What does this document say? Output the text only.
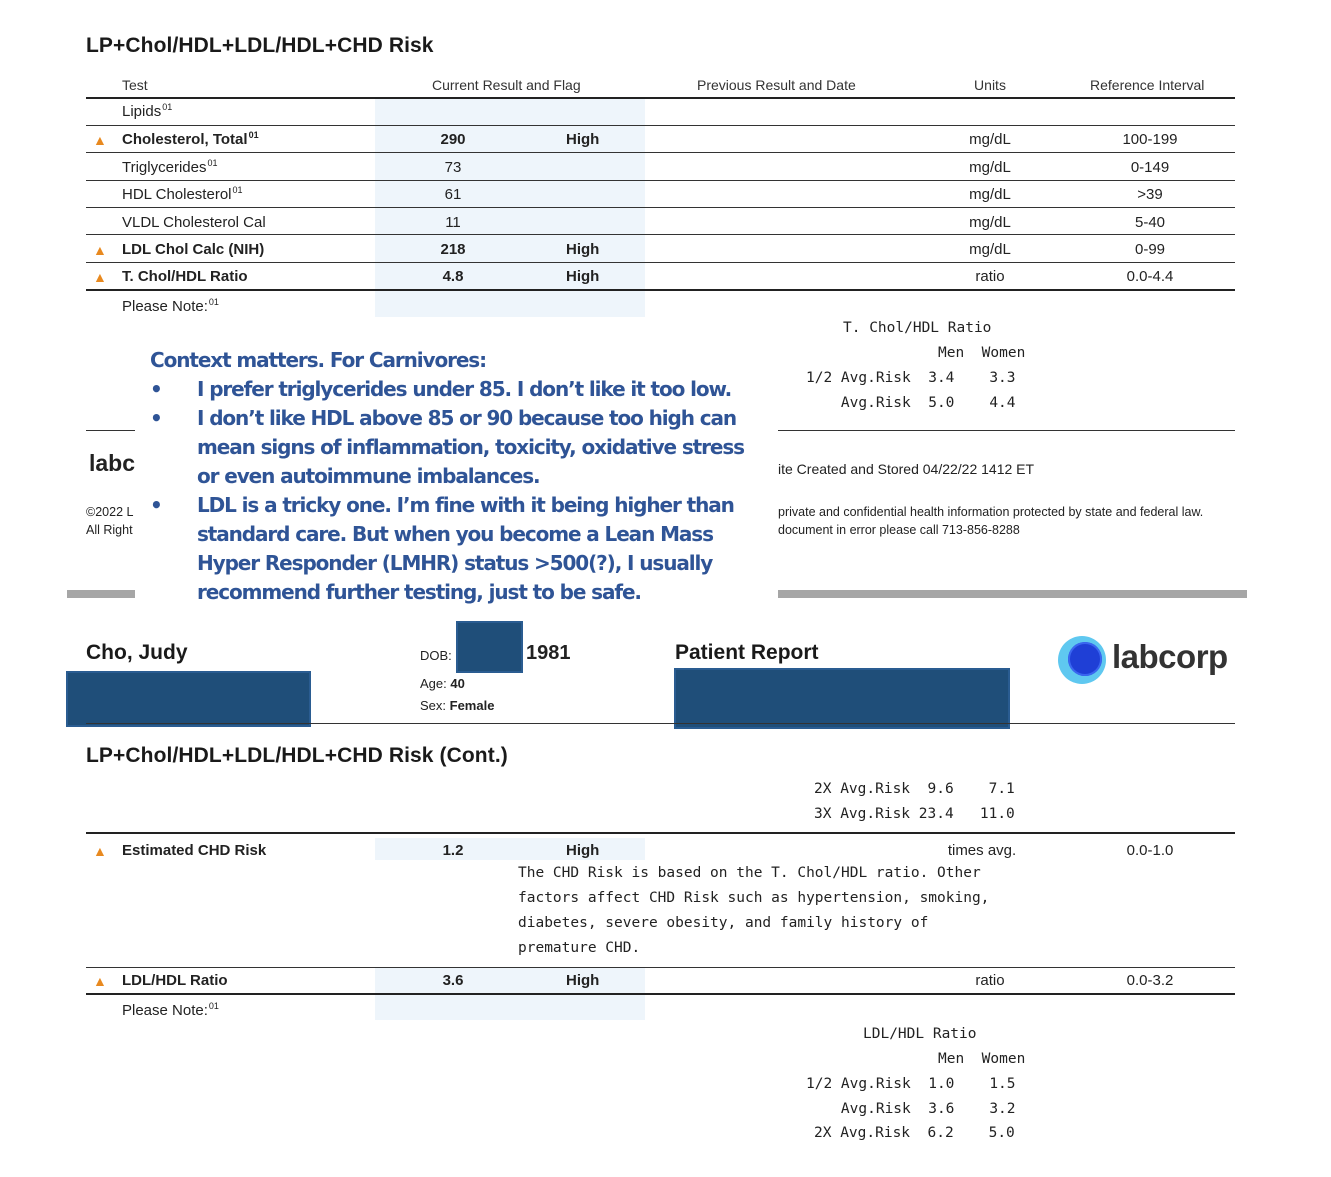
LP+Chol/HDL+LDL/HDL+CHD Risk
Test	Current Result and Flag	Previous Result and Date	Units	Reference Interval
Lipids$^{01}$
▲ Cholesterol, Total$^{01}$	290	High	mg/dL	100-199
Triglycerides$^{01}$	73	mg/dL	0-149
HDL Cholesterol$^{01}$	61	mg/dL	>39
VLDL Cholesterol Cal	11	mg/dL	5-40
▲ LDL Chol Calc (NIH)	218	High	mg/dL	0-99
▲ T. Chol/HDL Ratio	4.8	High	ratio	0.0-4.4
Please Note:$^{01}$
T. Chol/HDL Ratio
Men  Women
1/2 Avg.Risk  3.4    3.3
Avg.Risk  5.0    4.4
labc
©2022 L
All Right
ite Created and Stored 04/22/22 1412 ET
private and confidential health information protected by state and federal law.
document in error please call 713-856-8288
Context matters. For Carnivores:
• I prefer triglycerides under 85. I don’t like it too low.
• I don’t like HDL above 85 or 90 because too high can mean signs of inflammation, toxicity, oxidative stress or even autoimmune imbalances.
• LDL is a tricky one. I’m fine with it being higher than standard care. But when you become a Lean Mass Hyper Responder (LMHR) status >500(?), I usually recommend further testing, just to be safe.
Cho, Judy	DOB:	1981
Age: 40
Sex: Female
Patient Report	labcorp
LP+Chol/HDL+LDL/HDL+CHD Risk (Cont.)
2X Avg.Risk  9.6    7.1
3X Avg.Risk 23.4   11.0
▲ Estimated CHD Risk	1.2	High	times avg.	0.0-1.0
The CHD Risk is based on the T. Chol/HDL ratio. Other
factors affect CHD Risk such as hypertension, smoking,
diabetes, severe obesity, and family history of
premature CHD.
▲ LDL/HDL Ratio	3.6	High	ratio	0.0-3.2
Please Note:$^{01}$
LDL/HDL Ratio
Men  Women
1/2 Avg.Risk  1.0    1.5
Avg.Risk  3.6    3.2
2X Avg.Risk  6.2    5.0
